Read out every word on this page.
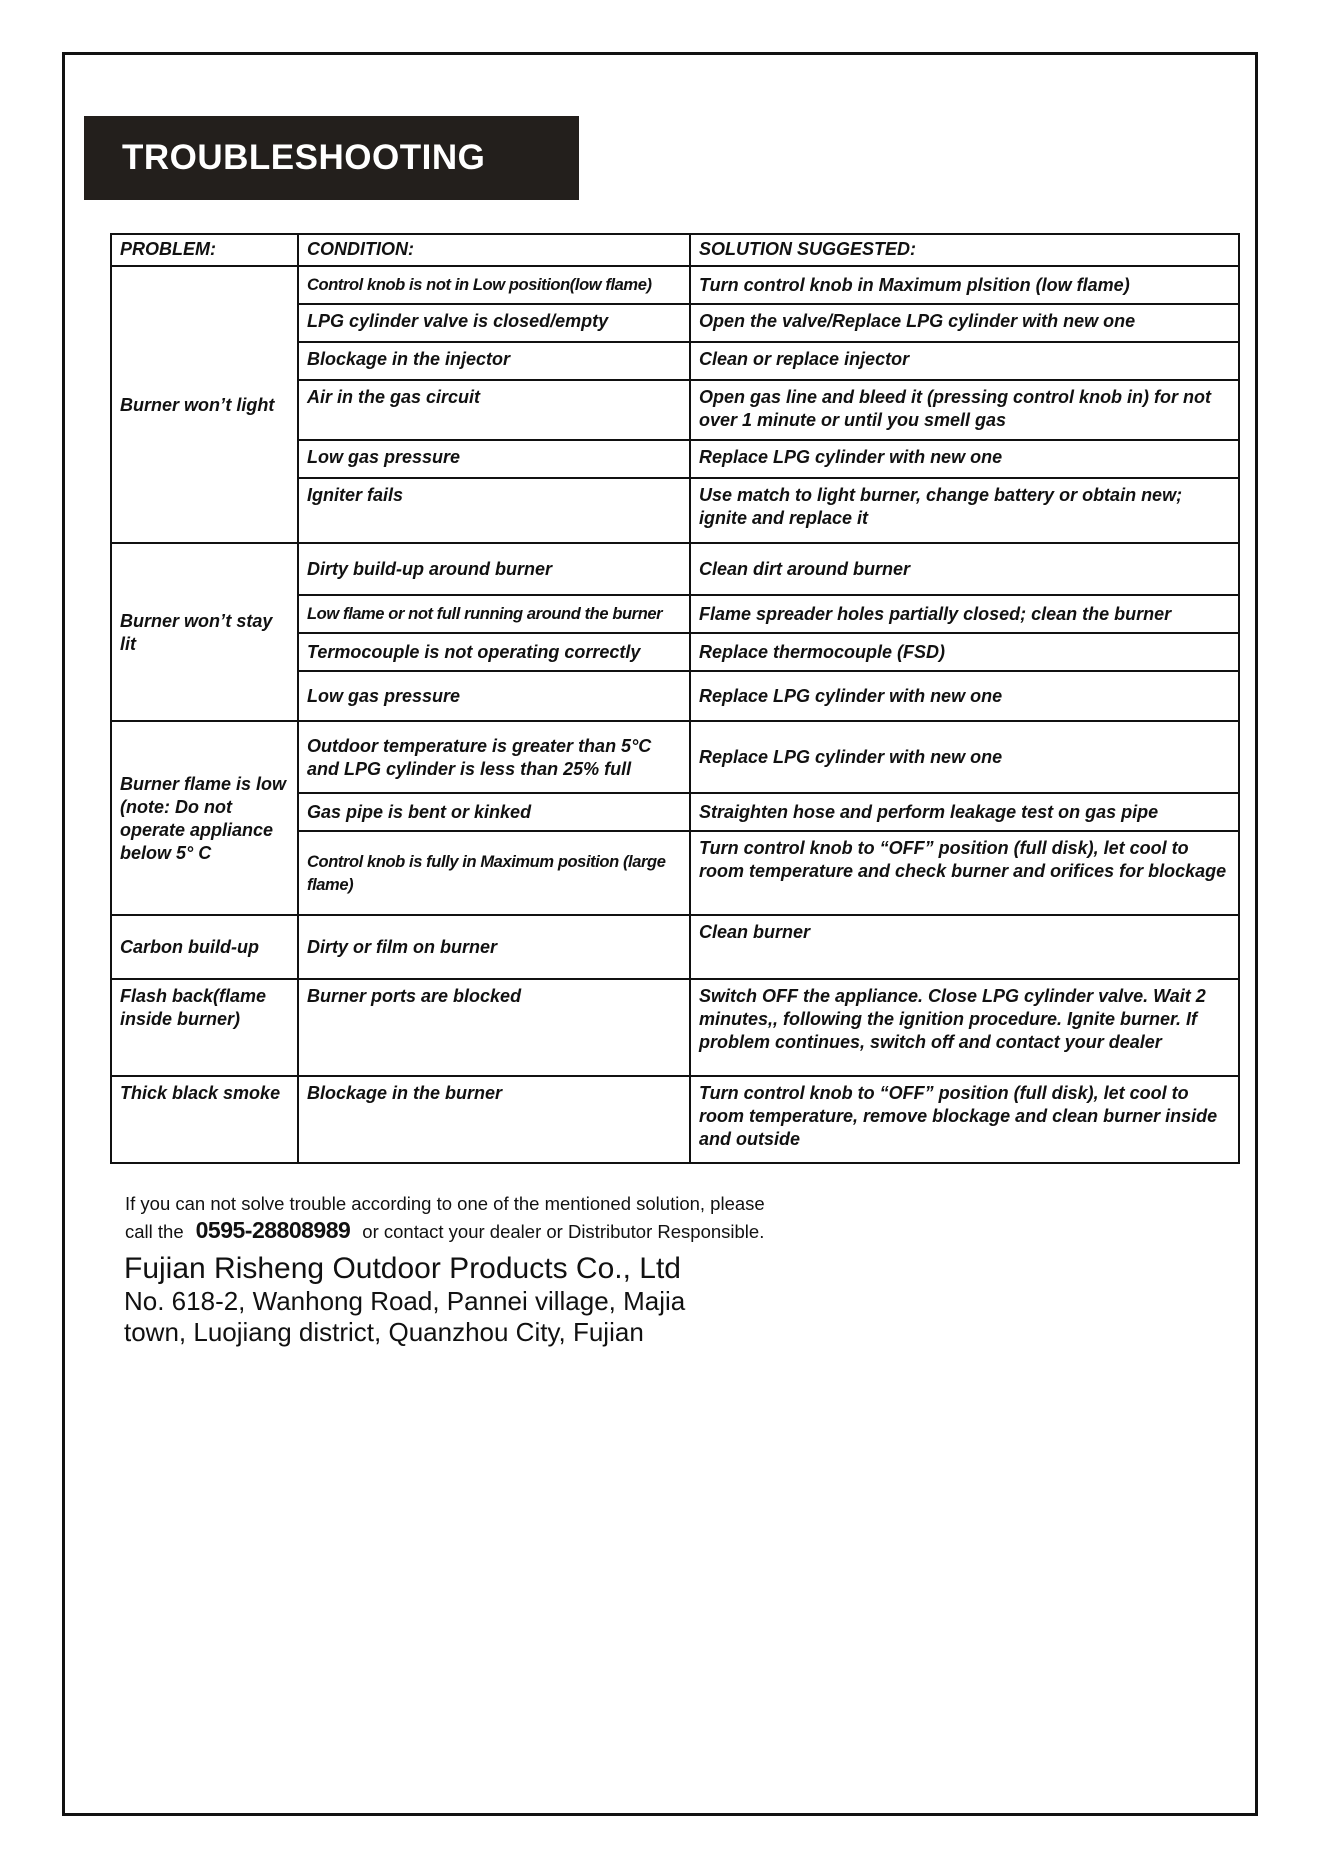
TROUBLESHOOTING
PROBLEM:	CONDITION:	SOLUTION SUGGESTED:
Burner won’t light	Control knob is not in Low position(low flame)	Turn control knob in Maximum plsition (low flame)
	LPG cylinder valve is closed/empty	Open the valve/Replace LPG cylinder with new one
	Blockage in the injector	Clean or replace injector
	Air in the gas circuit	Open gas line and bleed it (pressing control knob in) for not over 1 minute or until you smell gas
	Low gas pressure	Replace LPG cylinder with new one
	Igniter fails	Use match to light burner, change battery or obtain new; ignite and replace it
Burner won’t stay lit	Dirty build-up around burner	Clean dirt around burner
	Low flame or not full running around the burner	Flame spreader holes partially closed; clean the burner
	Termocouple is not operating correctly	Replace thermocouple (FSD)
	Low gas pressure	Replace LPG cylinder with new one
Burner flame is low (note: Do not operate appliance below 5° C	Outdoor temperature is greater than 5°C and LPG cylinder is less than 25% full	Replace LPG cylinder with new one
	Gas pipe is bent or kinked	Straighten hose and perform leakage test on gas pipe
	Control knob is fully in Maximum position (large flame)	Turn control knob to “OFF” position (full disk), let cool to room temperature and check burner and orifices for blockage
Carbon build-up	Dirty or film on burner	Clean burner
Flash back(flame inside burner)	Burner ports are blocked	Switch OFF the appliance. Close LPG cylinder valve. Wait 2 minutes,, following the ignition procedure. Ignite burner. If problem continues, switch off and contact your dealer
Thick black smoke	Blockage in the burner	Turn control knob to “OFF” position (full disk), let cool to room temperature, remove blockage and clean burner inside and outside
If you can not solve trouble according to one of the mentioned solution, please
call the 0595-28808989 or contact your dealer or Distributor Responsible.
Fujian Risheng Outdoor Products Co., Ltd
No. 618-2, Wanhong Road, Pannei village, Majia
town, Luojiang district, Quanzhou City, Fujian
